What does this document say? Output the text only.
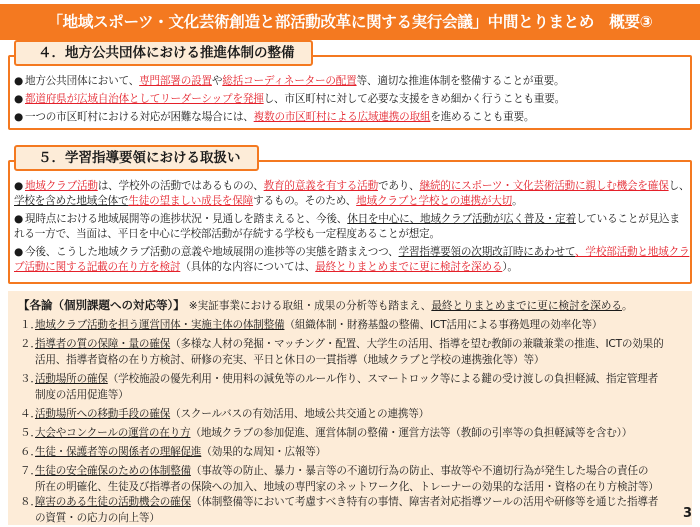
「地域スポーツ・文化芸術創造と部活動改革に関する実行会議」中間とりまとめ　概要③
４．地方公共団体における推進体制の整備
● 地方公共団体において、専門部署の設置や総括コーディネーターの配置等、適切な推進体制を整備することが重要。
● 都道府県が広域自治体としてリーダーシップを発揮し、市区町村に対して必要な支援をきめ細かく行うことも重要。
● 一つの市区町村における対応が困難な場合には、複数の市区町村による広域連携の取組を進めることも重要。
５．学習指導要領における取扱い
● 地域クラブ活動は、学校外の活動ではあるものの、教育的意義を有する活動であり、継続的にスポーツ・文化芸術活動に親しむ機会を確保し、学校を含めた地域全体で生徒の望ましい成長を保障するもの。そのため、地域クラブと学校との連携が大切。
● 現時点における地域展開等の進捗状況・見通しを踏まえると、今後、休日を中心に、地域クラブ活動が広く普及・定着していることが見込まれる一方で、当面は、平日を中心に学校部活動が存続する学校も一定程度あることが想定。
● 今後、こうした地域クラブ活動の意義や地域展開の進捗等の実態を踏まえつつ、学習指導要領の次期改訂時にあわせて、学校部活動と地域クラブ活動に関する記載の在り方を検討（具体的な内容については、最終とりまとめまでに更に検討を深める）。
【各論（個別課題への対応等）】 ※実証事業における取組・成果の分析等も踏まえ、最終とりまとめまでに更に検討を深める。
１．地域クラブ活動を担う運営団体・実施主体の体制整備（組織体制・財務基盤の整備、ICT活用による事務処理の効率化等）
２．指導者の質の保障・量の確保（多様な人材の発掘・マッチング・配置、大学生の活用、指導を望む教師の兼職兼業の推進、ICTの効果的
活用、指導者資格の在り方検討、研修の充実、平日と休日の一貫指導（地域クラブと学校の連携強化等）等）
３．活動場所の確保（学校施設の優先利用・使用料の減免等のルール作り、スマートロック等による鍵の受け渡しの負担軽減、指定管理者
制度の活用促進等）
４．活動場所への移動手段の確保（スクールバスの有効活用、地域公共交通との連携等）
５．大会やコンクールの運営の在り方（地域クラブの参加促進、運営体制の整備・運営方法等（教師の引率等の負担軽減等を含む））
６．生徒・保護者等の関係者の理解促進（効果的な周知・広報等）
７．生徒の安全確保のための体制整備（事故等の防止、暴力・暴言等の不適切行為の防止、事故等や不適切行為が発生した場合の責任の
所在の明確化、生徒及び指導者の保険への加入、地域の専門家のネットワーク化、トレーナーの効果的な活用・資格の在り方検討等）
８．障害のある生徒の活動機会の確保（体制整備等において考慮すべき特有の事情、障害者対応指導ツールの活用や研修等を通じた指導者
の資質・の応力の向上等）	3
